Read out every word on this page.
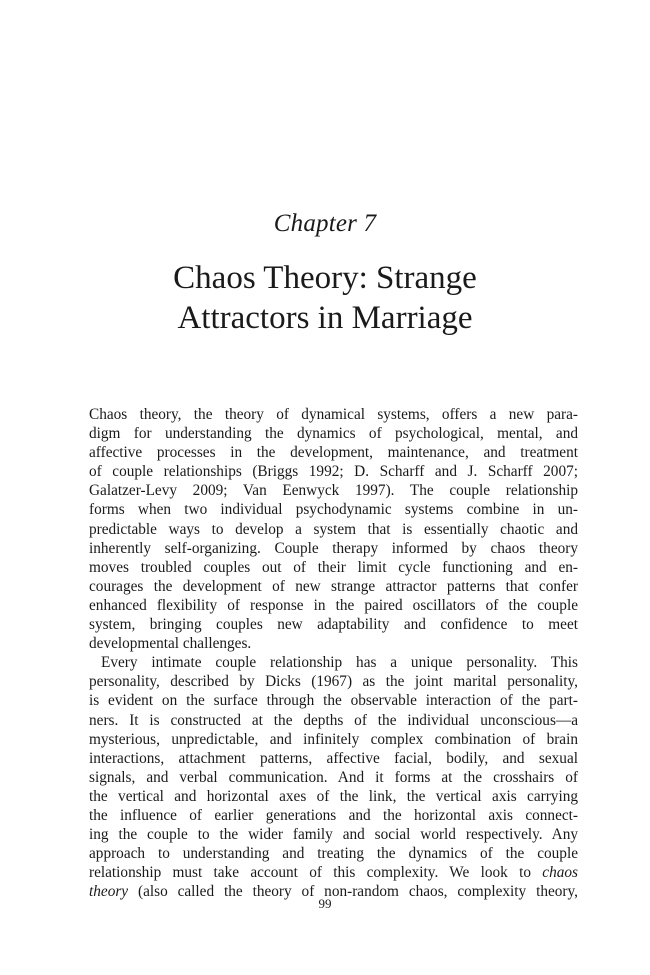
Chapter 7
Chaos Theory: Strange
Attractors in Marriage
Chaos theory, the theory of dynamical systems, offers a new para-
digm for understanding the dynamics of psychological, mental, and
affective processes in the development, maintenance, and treatment
of couple relationships (Briggs 1992; D. Scharff and J. Scharff 2007;
Galatzer-Levy 2009; Van Eenwyck 1997). The couple relationship
forms when two individual psychodynamic systems combine in un-
predictable ways to develop a system that is essentially chaotic and
inherently self-organizing. Couple therapy informed by chaos theory
moves troubled couples out of their limit cycle functioning and en-
courages the development of new strange attractor patterns that confer
enhanced flexibility of response in the paired oscillators of the couple
system, bringing couples new adaptability and confidence to meet
developmental challenges.
Every intimate couple relationship has a unique personality. This
personality, described by Dicks (1967) as the joint marital personality,
is evident on the surface through the observable interaction of the part-
ners. It is constructed at the depths of the individual unconscious—a
mysterious, unpredictable, and infinitely complex combination of brain
interactions, attachment patterns, affective facial, bodily, and sexual
signals, and verbal communication. And it forms at the crosshairs of
the vertical and horizontal axes of the link, the vertical axis carrying
the influence of earlier generations and the horizontal axis connect-
ing the couple to the wider family and social world respectively. Any
approach to understanding and treating the dynamics of the couple
relationship must take account of this complexity. We look to chaos
theory (also called the theory of non-random chaos, complexity theory,
99
